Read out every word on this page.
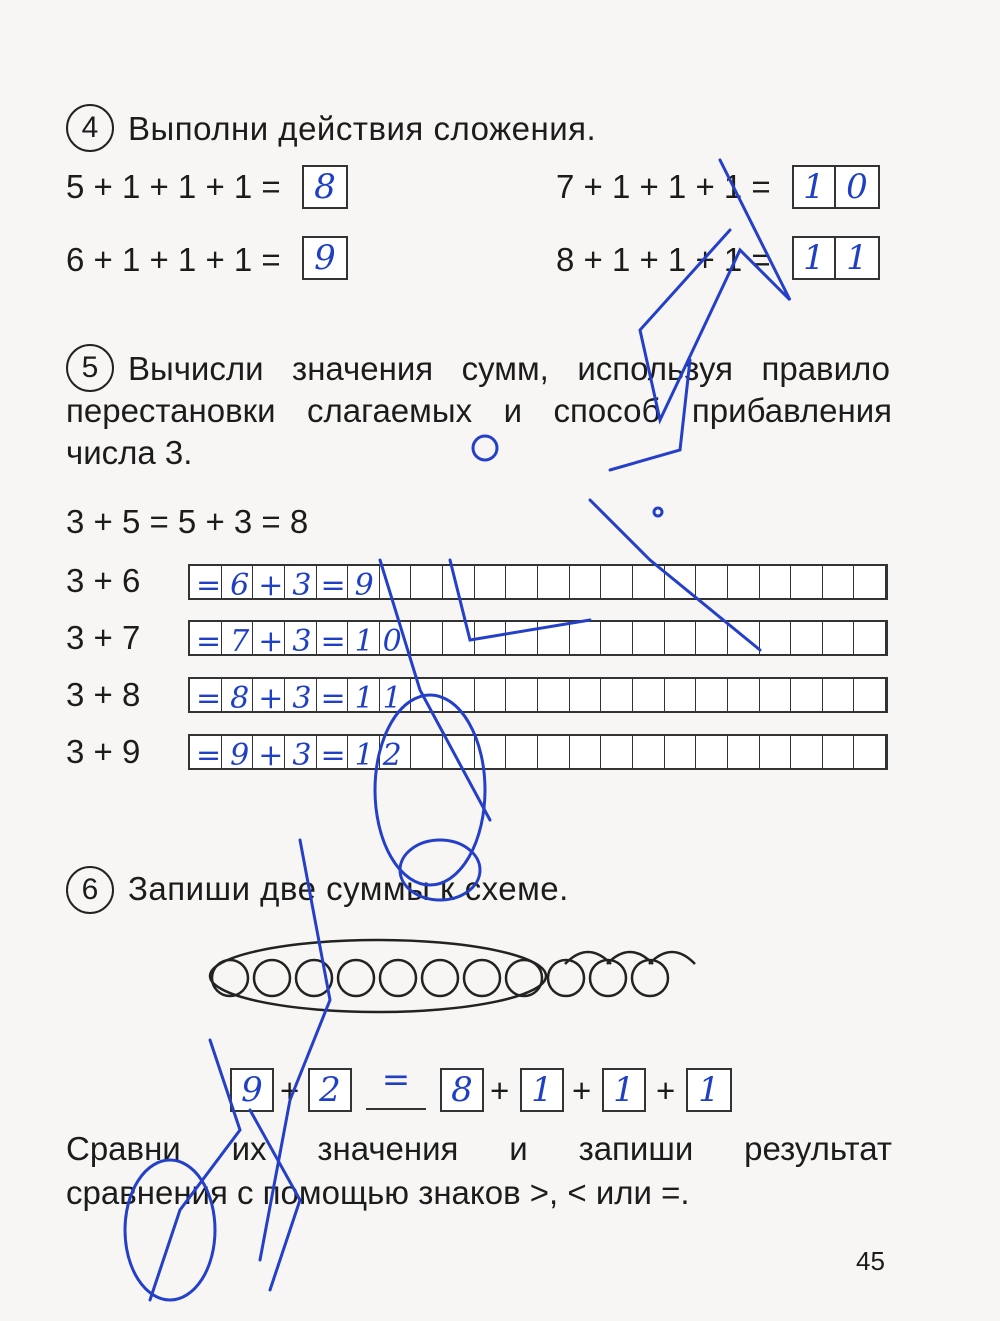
4 Выполни действия сложения.
5 + 1 + 1 + 1 = 8
6 + 1 + 1 + 1 = 9
7 + 1 + 1 + 1 = 1 0
8 + 1 + 1 + 1 = 1 1
5 Вычисли значения сумм, используя правило
перестановки слагаемых и способ прибавления
числа 3.
3 + 5 = 5 + 3 = 8
3 + 6 =6+3=9
3 + 7 =7+3=10
3 + 8 =8+3=11
3 + 9 =9+3=12
6 Запиши две суммы к схеме.
9 + 2	=	8 + 1 + 1 + 1
Сравни их значения и запиши результат
сравнения с помощью знаков >, < или =.
45
